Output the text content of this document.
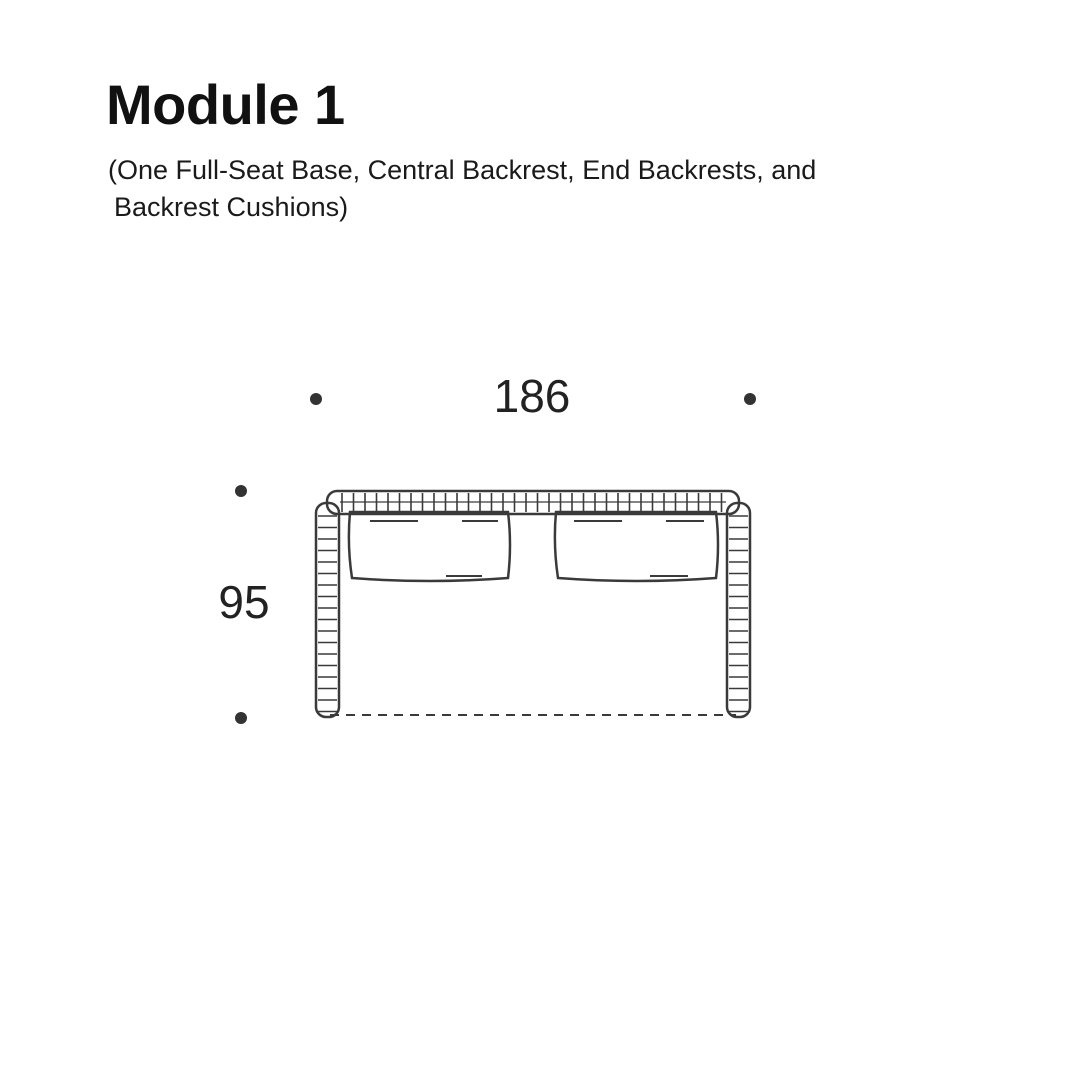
Module 1

(One Full-Seat Base, Central Backrest, End Backrests, and
Backrest Cushions)

186
95
